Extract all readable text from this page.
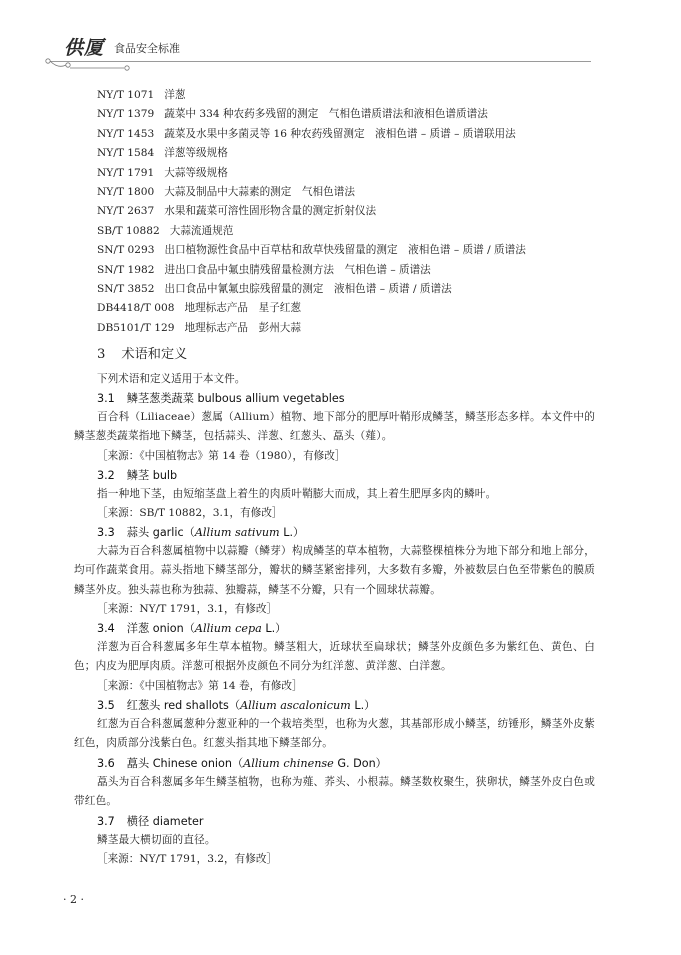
供厦 食品安全标准
NY/T 1071 洋葱
NY/T 1379 蔬菜中 334 种农药多残留的测定　气相色谱质谱法和液相色谱质谱法
NY/T 1453 蔬菜及水果中多菌灵等 16 种农药残留测定　液相色谱 – 质谱 – 质谱联用法
NY/T 1584 洋葱等级规格
NY/T 1791 大蒜等级规格
NY/T 1800 大蒜及制品中大蒜素的测定　气相色谱法
NY/T 2637 水果和蔬菜可溶性固形物含量的测定折射仪法
SB/T 10882 大蒜流通规范
SN/T 0293 出口植物源性食品中百草枯和敌草快残留量的测定　液相色谱 – 质谱 / 质谱法
SN/T 1982 进出口食品中氟虫腈残留量检测方法　气相色谱 – 质谱法
SN/T 3852 出口食品中氰氟虫腙残留量的测定　液相色谱 – 质谱 / 质谱法
DB4418/T 008 地理标志产品　星子红葱
DB5101/T 129 地理标志产品　彭州大蒜
3 术语和定义
下列术语和定义适用于本文件。
3.1 鳞茎葱类蔬菜 bulbous allium vegetables
百合科（Liliaceae）葱属（Allium）植物、地下部分的肥厚叶鞘形成鳞茎，鳞茎形态多样。本文件中的鳞茎葱类蔬菜指地下鳞茎，包括蒜头、洋葱、红葱头、藠头（薤）。
［来源：《中国植物志》第 14 卷（1980），有修改］
3.2 鳞茎 bulb
指一种地下茎，由短缩茎盘上着生的肉质叶鞘膨大而成，其上着生肥厚多肉的鳞叶。
［来源：SB/T 10882，3.1，有修改］
3.3 蒜头 garlic（Allium sativum L.）
大蒜为百合科葱属植物中以蒜瓣（鳞芽）构成鳞茎的草本植物，大蒜整棵植株分为地下部分和地上部分，均可作蔬菜食用。蒜头指地下鳞茎部分，瓣状的鳞茎紧密排列，大多数有多瓣，外被数层白色至带紫色的膜质鳞茎外皮。独头蒜也称为独蒜、独瓣蒜，鳞茎不分瓣，只有一个圆球状蒜瓣。
［来源：NY/T 1791，3.1，有修改］
3.4 洋葱 onion（Allium cepa L.）
洋葱为百合科葱属多年生草本植物。鳞茎粗大，近球状至扁球状；鳞茎外皮颜色多为紫红色、黄色、白色；内皮为肥厚肉质。洋葱可根据外皮颜色不同分为红洋葱、黄洋葱、白洋葱。
［来源：《中国植物志》第 14 卷，有修改］
3.5 红葱头 red shallots（Allium ascalonicum L.）
红葱为百合科葱属葱种分葱亚种的一个栽培类型，也称为火葱，其基部形成小鳞茎，纺锤形，鳞茎外皮紫红色，肉质部分浅紫白色。红葱头指其地下鳞茎部分。
3.6 藠头 Chinese onion（Allium chinense G. Don）
藠头为百合科葱属多年生鳞茎植物，也称为薤、荞头、小根蒜。鳞茎数枚聚生，狭卵状，鳞茎外皮白色或带红色。
3.7 横径 diameter
鳞茎最大横切面的直径。
［来源：NY/T 1791，3.2，有修改］
· 2 ·
